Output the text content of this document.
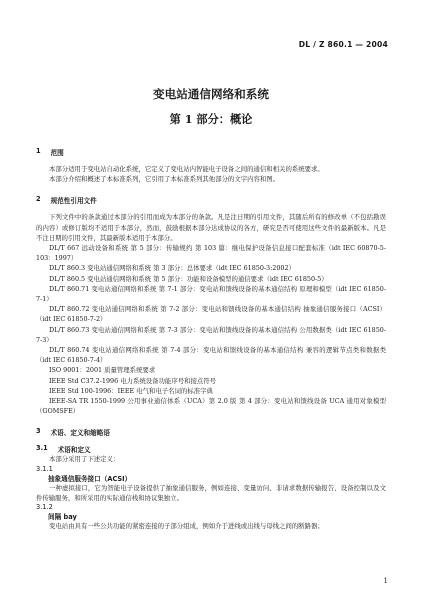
DL / Z 860.1 — 2004
变电站通信网络和系统
第 1 部分：概论
1 范围

本部分适用于变电站自动化系统，它定义了变电站内智能电子设备之间的通信和相关的系统要求。

本部分介绍和概述了本标准系列，它引用了本标准系列其他部分的文字内容和图。

2 规范性引用文件

下列文件中的条款通过本部分的引用而成为本部分的条款。凡是注日期的引用文件，其随后所有的修改单（不包括勘误的内容）或修订版均不适用于本部分，然而，鼓励根据本部分达成协议的各方，研究是否可使用这些文件的最新版本。凡是不注日期的引用文件，其最新版本适用于本部分。

DL/T 667 远动设备和系统 第 5 部分：传输规约 第 103 篇：继电保护设备信息接口配套标准（idt IEC 60870-5-103：1997）

DL/T 860.3 变电站通信网络和系统 第 3 部分：总体要求（idt IEC 61850-3:2002）

DL/T 860.5 变电站通信网络和系统 第 5 部分：功能和设备模型的通信要求（idt IEC 61850-5）

DL/T 860.71 变电站通信网络和系统 第 7-1 部分：变电站和馈线设备的基本通信结构 原理和模型（idt IEC 61850-7-1）

DL/T 860.72 变电站通信网络和系统 第 7-2 部分：变电站和馈线设备的基本通信结构 抽象通信服务接口（ACSI）（idt IEC 61850-7-2）

DL/T 860.73 变电站通信网络和系统 第 7-3 部分：变电站和馈线设备的基本通信结构 公用数据类（idt IEC 61850-7-3）

DL/T 860.74 变电站通信网络和系统 第 7-4 部分：变电站和馈线设备的基本通信结构 兼容的逻辑节点类和数据类（idt IEC 61850-7-4）

ISO 9001：2001 质量管理系统要求

IEEE Std C37.2-1996 电力系统设备功能序号和接点符号

IEEE Std 100-1996：IEEE 电气和电子名词的标准字典

IEEE-SA TR 1550-1999 公用事业通信体系（UCA）第 2.0 版 第 4 部分：变电站和馈线设备 UCA 通用对象模型（GOMSFE）

3 术语、定义和缩略语
3.1 术语和定义

本部分采用了下述定义：

3.1.1

抽象通信服务接口（ACSI）

一种虚拟接口，它为智能电子设备提供了抽象通信服务，例如连接、变量访问、非请求数据传输报告、设备控制以及文件传输服务，和所采用的实际通信栈和协议集独立。

3.1.2

间隔 bay

变电站由具有一些公共功能的紧密连接的子部分组成，例如介于进线或出线与母线之间的断路器；

1
